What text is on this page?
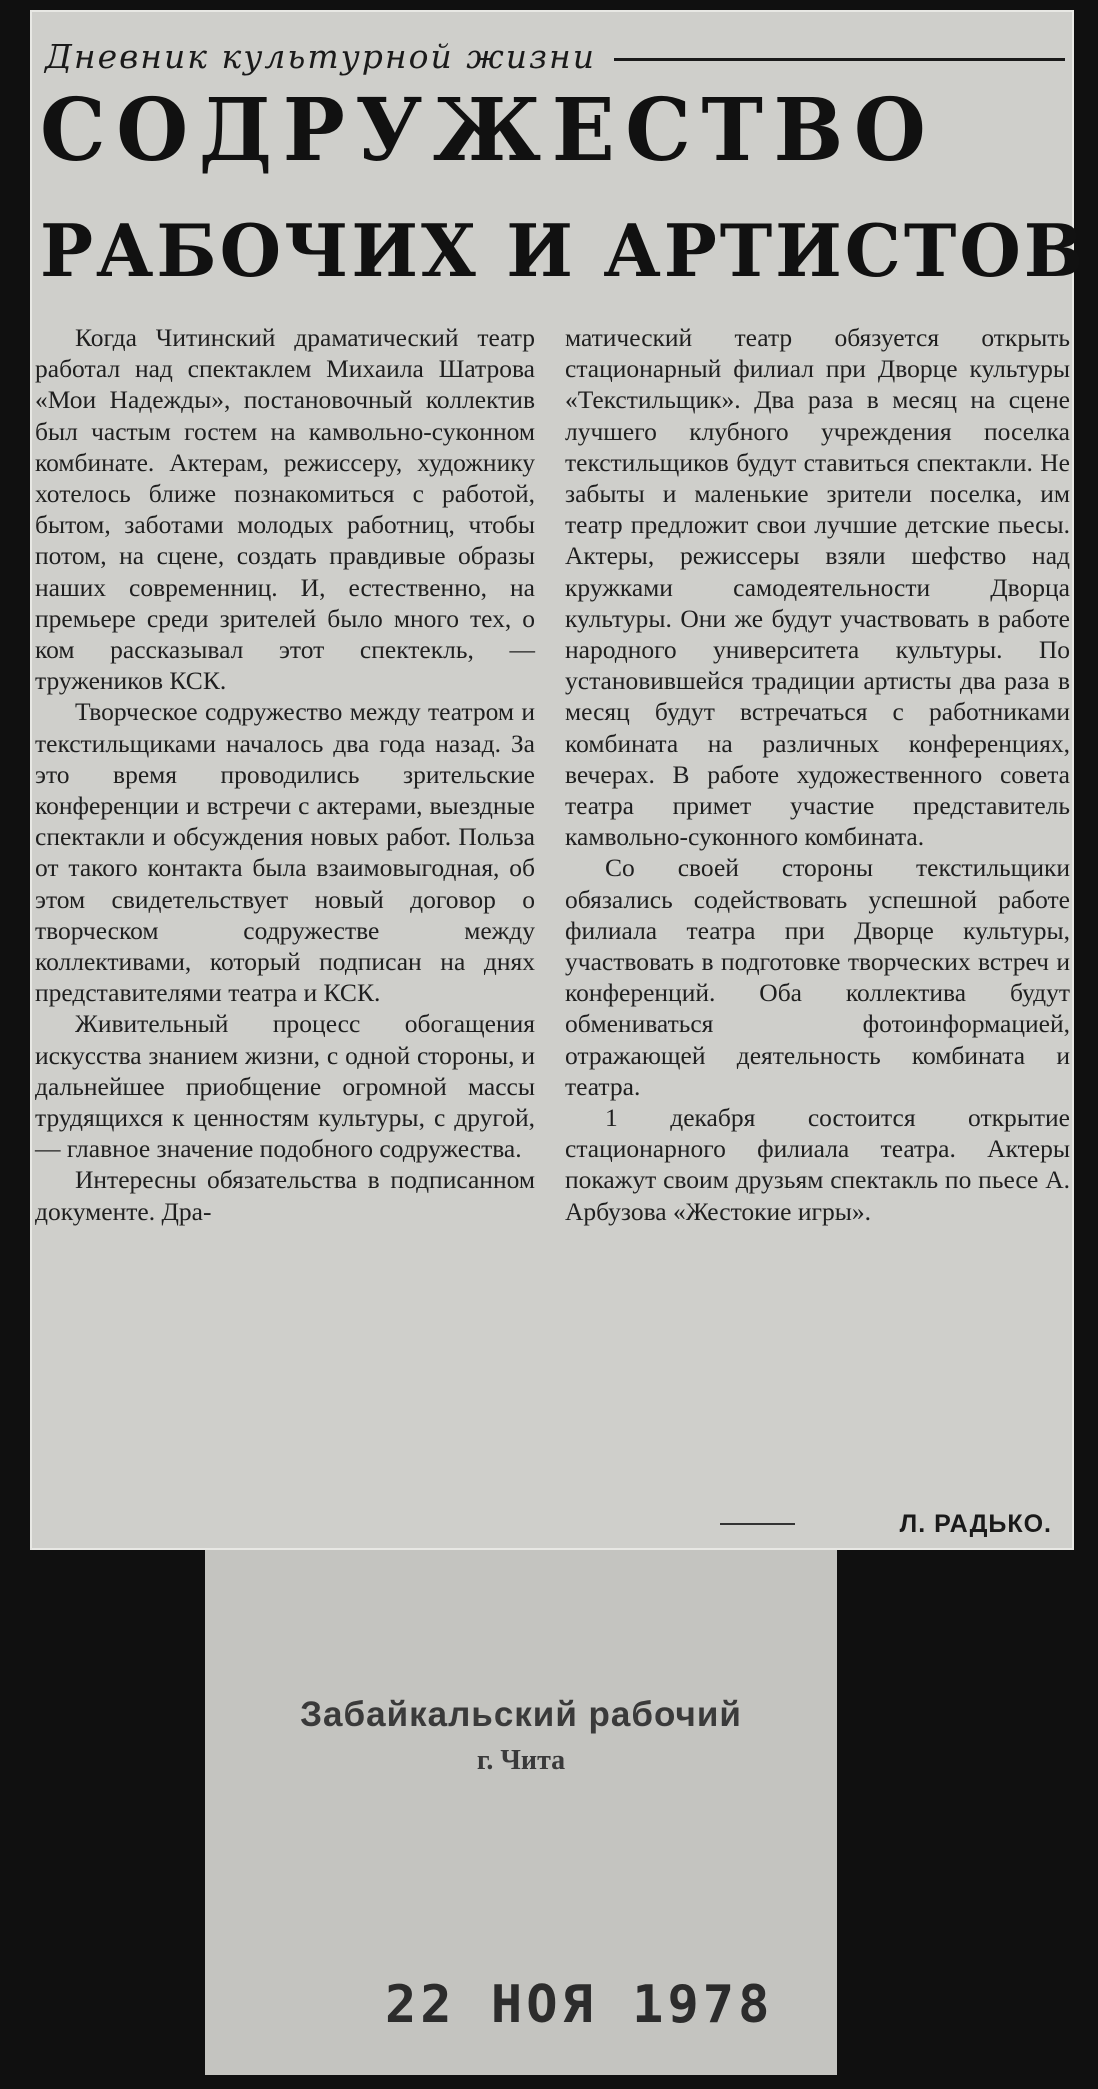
Дневник культурной жизни
СОДРУЖЕСТВО
РАБОЧИХ И АРТИСТОВ

Когда Читинский драматический театр работал над спектаклем Михаила Шатрова «Мои Надежды», постановочный коллектив был частым гостем на камвольно-суконном комбинате. Актерам, режиссеру, художнику хотелось ближе познакомиться с работой, бытом, заботами молодых работниц, чтобы потом, на сцене, создать правдивые образы наших современниц. И, естественно, на премьере среди зрителей было много тех, о ком рассказывал этот спектекль, — тружеников КСК.

Творческое содружество между театром и текстильщиками началось два года назад. За это время проводились зрительские конференции и встречи с актерами, выездные спектакли и обсуждения новых работ. Польза от такого контакта была взаимовыгодная, об этом свидетельствует новый договор о творческом содружестве между коллективами, который подписан на днях представителями театра и КСК.

Живительный процесс обогащения искусства знанием жизни, с одной стороны, и дальнейшее приобщение огромной массы трудящихся к ценностям культуры, с другой, — главное значение подобного содружества.

Интересны обязательства в подписанном документе. Дра-

матический театр обязуется открыть стационарный филиал при Дворце культуры «Текстильщик». Два раза в месяц на сцене лучшего клубного учреждения поселка текстильщиков будут ставиться спектакли. Не забыты и маленькие зрители поселка, им театр предложит свои лучшие детские пьесы. Актеры, режиссеры взяли шефство над кружками самодеятельности Дворца культуры. Они же будут участвовать в работе народного университета культуры. По установившейся традиции артисты два раза в месяц будут встречаться с работниками комбината на различных конференциях, вечерах. В работе художественного совета театра примет участие представитель камвольно-суконного комбината.

Со своей стороны текстильщики обязались содействовать успешной работе филиала театра при Дворце культуры, участвовать в подготовке творческих встреч и конференций. Оба коллектива будут обмениваться фотоинформацией, отражающей деятельность комбината и театра.

1 декабря состоится открытие стационарного филиала театра. Актеры покажут своим друзьям спектакль по пьесе А. Арбузова «Жестокие игры».

Л. РАДЬКО.
Забайкальский рабочий
г. Чита
22 НОЯ 1978
